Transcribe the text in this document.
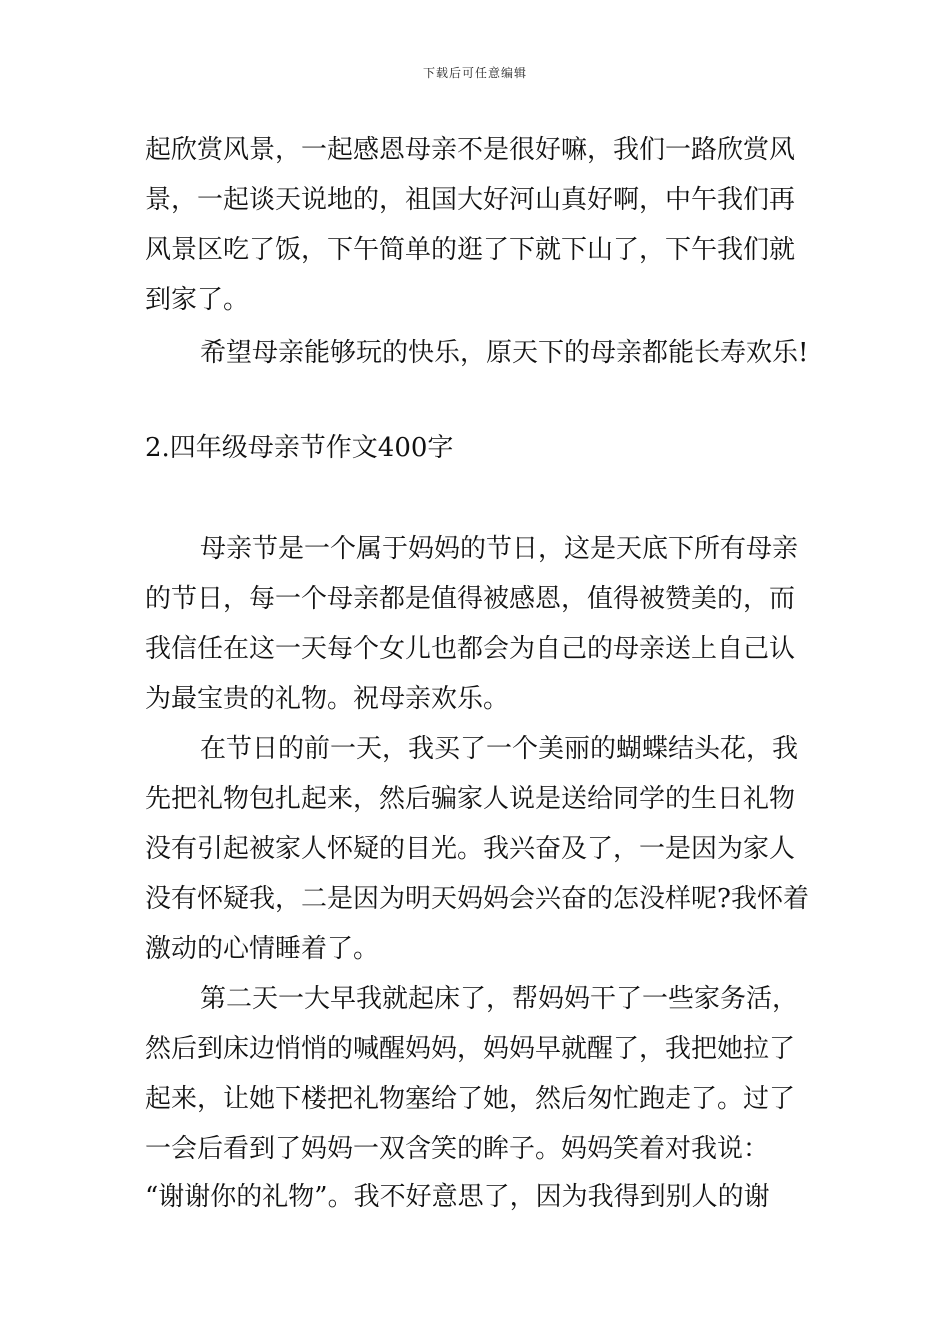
下载后可任意编辑
起欣赏风景，一起感恩母亲不是很好嘛，我们一路欣赏风
景，一起谈天说地的，祖国大好河山真好啊，中午我们再
风景区吃了饭，下午简单的逛了下就下山了，下午我们就
到家了。
希望母亲能够玩的快乐，原天下的母亲都能长寿欢乐!
2.四年级母亲节作文400字
母亲节是一个属于妈妈的节日，这是天底下所有母亲
的节日，每一个母亲都是值得被感恩，值得被赞美的，而
我信任在这一天每个女儿也都会为自己的母亲送上自己认
为最宝贵的礼物。祝母亲欢乐。
在节日的前一天，我买了一个美丽的蝴蝶结头花，我
先把礼物包扎起来，然后骗家人说是送给同学的生日礼物
没有引起被家人怀疑的目光。我兴奋及了，一是因为家人
没有怀疑我，二是因为明天妈妈会兴奋的怎没样呢?我怀着
激动的心情睡着了。
第二天一大早我就起床了，帮妈妈干了一些家务活，
然后到床边悄悄的喊醒妈妈，妈妈早就醒了，我把她拉了
起来，让她下楼把礼物塞给了她，然后匆忙跑走了。过了
一会后看到了妈妈一双含笑的眸子。妈妈笑着对我说：
“谢谢你的礼物”。我不好意思了，因为我得到别人的谢
